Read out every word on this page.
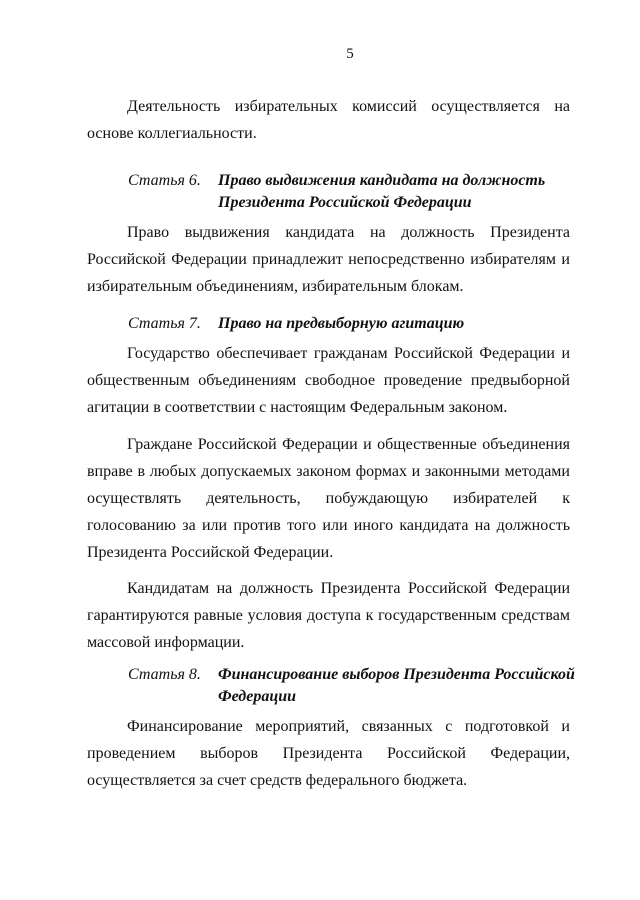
5

Деятельность избирательных комиссий осуществляется на основе коллегиальности.

Статья 6. Право выдвижения кандидата на должность Президента Российской Федерации

Право выдвижения кандидата на должность Президента Российской Федерации принадлежит непосредственно избирателям и избирательным объединениям, избирательным блокам.

Статья 7. Право на предвыборную агитацию

Государство обеспечивает гражданам Российской Федерации и общественным объединениям свободное проведение предвыборной агитации в соответствии с настоящим Федеральным законом.

Граждане Российской Федерации и общественные объединения вправе в любых допускаемых законом формах и законными методами осуществлять деятельность, побуждающую избирателей к голосованию за или против того или иного кандидата на должность Президента Российской Федерации.

Кандидатам на должность Президента Российской Федерации гарантируются равные условия доступа к государственным средствам массовой информации.

Статья 8. Финансирование выборов Президента Российской Федерации

Финансирование мероприятий, связанных с подготовкой и проведением выборов Президента Российской Федерации, осуществляется за счет средств федерального бюджета.
